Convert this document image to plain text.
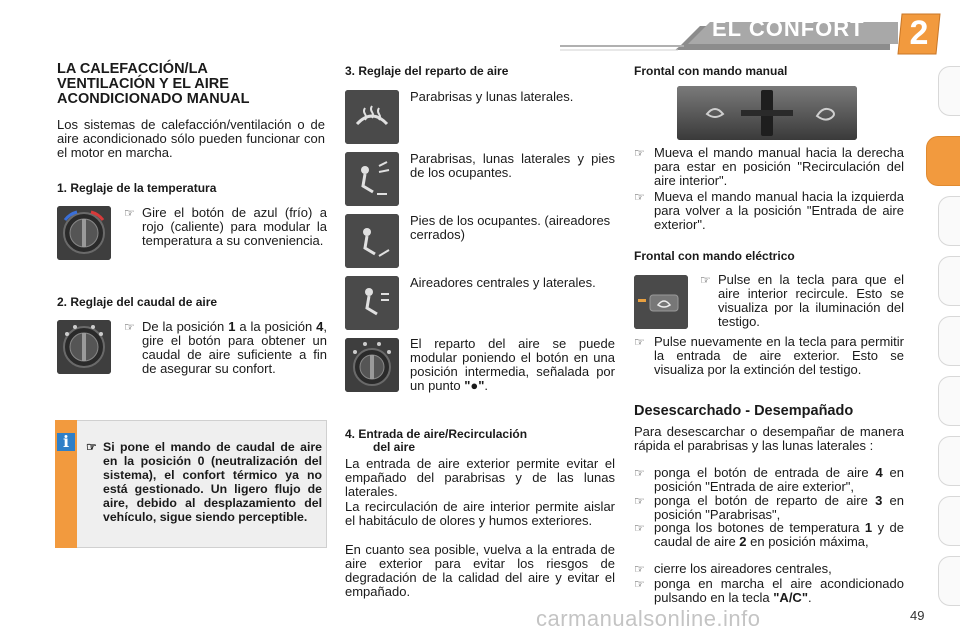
EL CONFORT	2
LA CALEFACCIÓN/LA VENTILACIÓN Y EL AIRE ACONDICIONADO MANUAL
Los sistemas de calefacción/ventilación o de aire acondicionado sólo pueden funcionar con el motor en marcha.
1. Reglaje de la temperatura
☞ Gire el botón de azul (frío) a rojo (caliente) para modular la temperatura a su conveniencia.
2. Reglaje del caudal de aire
☞ De la posición 1 a la posición 4, gire el botón para obtener un caudal de aire suficiente a fin de asegurar su confort.
i	☞ Si pone el mando de caudal de aire en la posición 0 (neutralización del sistema), el confort térmico ya no está gestionado. Un ligero flujo de aire, debido al desplazamiento del vehículo, sigue siendo perceptible.
3. Reglaje del reparto de aire
Parabrisas y lunas laterales.
Parabrisas, lunas laterales y pies de los ocupantes.
Pies de los ocupantes. (aireadores cerrados)
Aireadores centrales y laterales.
El reparto del aire se puede modular poniendo el botón en una posición intermedia, señalada por un punto "●".
4. Entrada de aire/Recirculación
del aire
La entrada de aire exterior permite evitar el empañado del parabrisas y de las lunas laterales.
La recirculación de aire interior permite aislar el habitáculo de olores y humos exteriores.
En cuanto sea posible, vuelva a la entrada de aire exterior para evitar los riesgos de degradación de la calidad del aire y evitar el empañado.
Frontal con mando manual
☞ Mueva el mando manual hacia la derecha para estar en posición "Recirculación del aire interior".
☞ Mueva el mando manual hacia la izquierda para volver a la posición "Entrada de aire exterior".
Frontal con mando eléctrico
☞ Pulse en la tecla para que el aire interior recircule. Esto se visualiza por la iluminación del testigo.
☞ Pulse nuevamente en la tecla para permitir la entrada de aire exterior. Esto se visualiza por la extinción del testigo.
Desescarchado - Desempañado
Para desescarchar o desempañar de manera rápida el parabrisas y las lunas laterales :
☞ ponga el botón de entrada de aire 4 en posición "Entrada de aire exterior",
☞ ponga el botón de reparto de aire 3 en posición "Parabrisas",
☞ ponga los botones de temperatura 1 y de caudal de aire 2 en posición máxima,
☞ cierre los aireadores centrales,
☞ ponga en marcha el aire acondicionado pulsando en la tecla "A/C".
carmanualsonline.info	49
